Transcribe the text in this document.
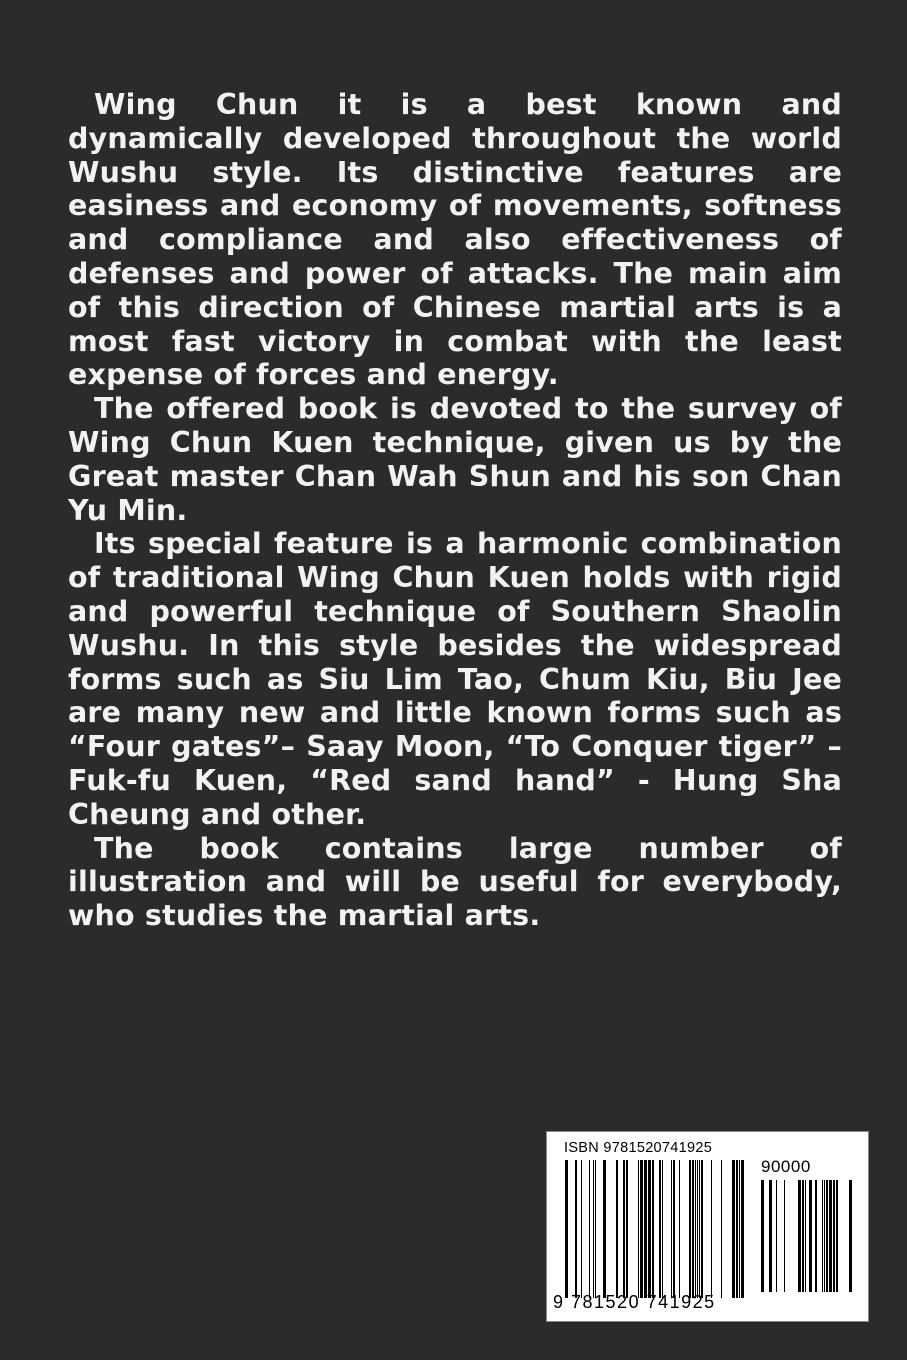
Wing Chun it is a best known and dynamically developed throughout the world Wushu style. Its distinctive features are easiness and economy of movements, softness and compliance and also effectiveness of defenses and power of attacks. The main aim of this direction of Chinese martial arts is a most fast victory in combat with the least expense of forces and energy.

The offered book is devoted to the survey of Wing Chun Kuen technique, given us by the Great master Chan Wah Shun and his son Chan Yu Min.

Its special feature is a harmonic combination of traditional Wing Chun Kuen holds with rigid and powerful technique of Southern Shaolin Wushu. In this style besides the widespread forms such as Siu Lim Tao, Chum Kiu, Biu Jee are many new and little known forms such as “Four gates”– Saay Moon, “To Conquer tiger” – Fuk-fu Kuen, “Red sand hand” - Hung Sha Cheung and other.

The book contains large number of illustration and will be useful for everybody, who studies the martial arts.

ISBN 9781520741925
90000
9 781520 741925
